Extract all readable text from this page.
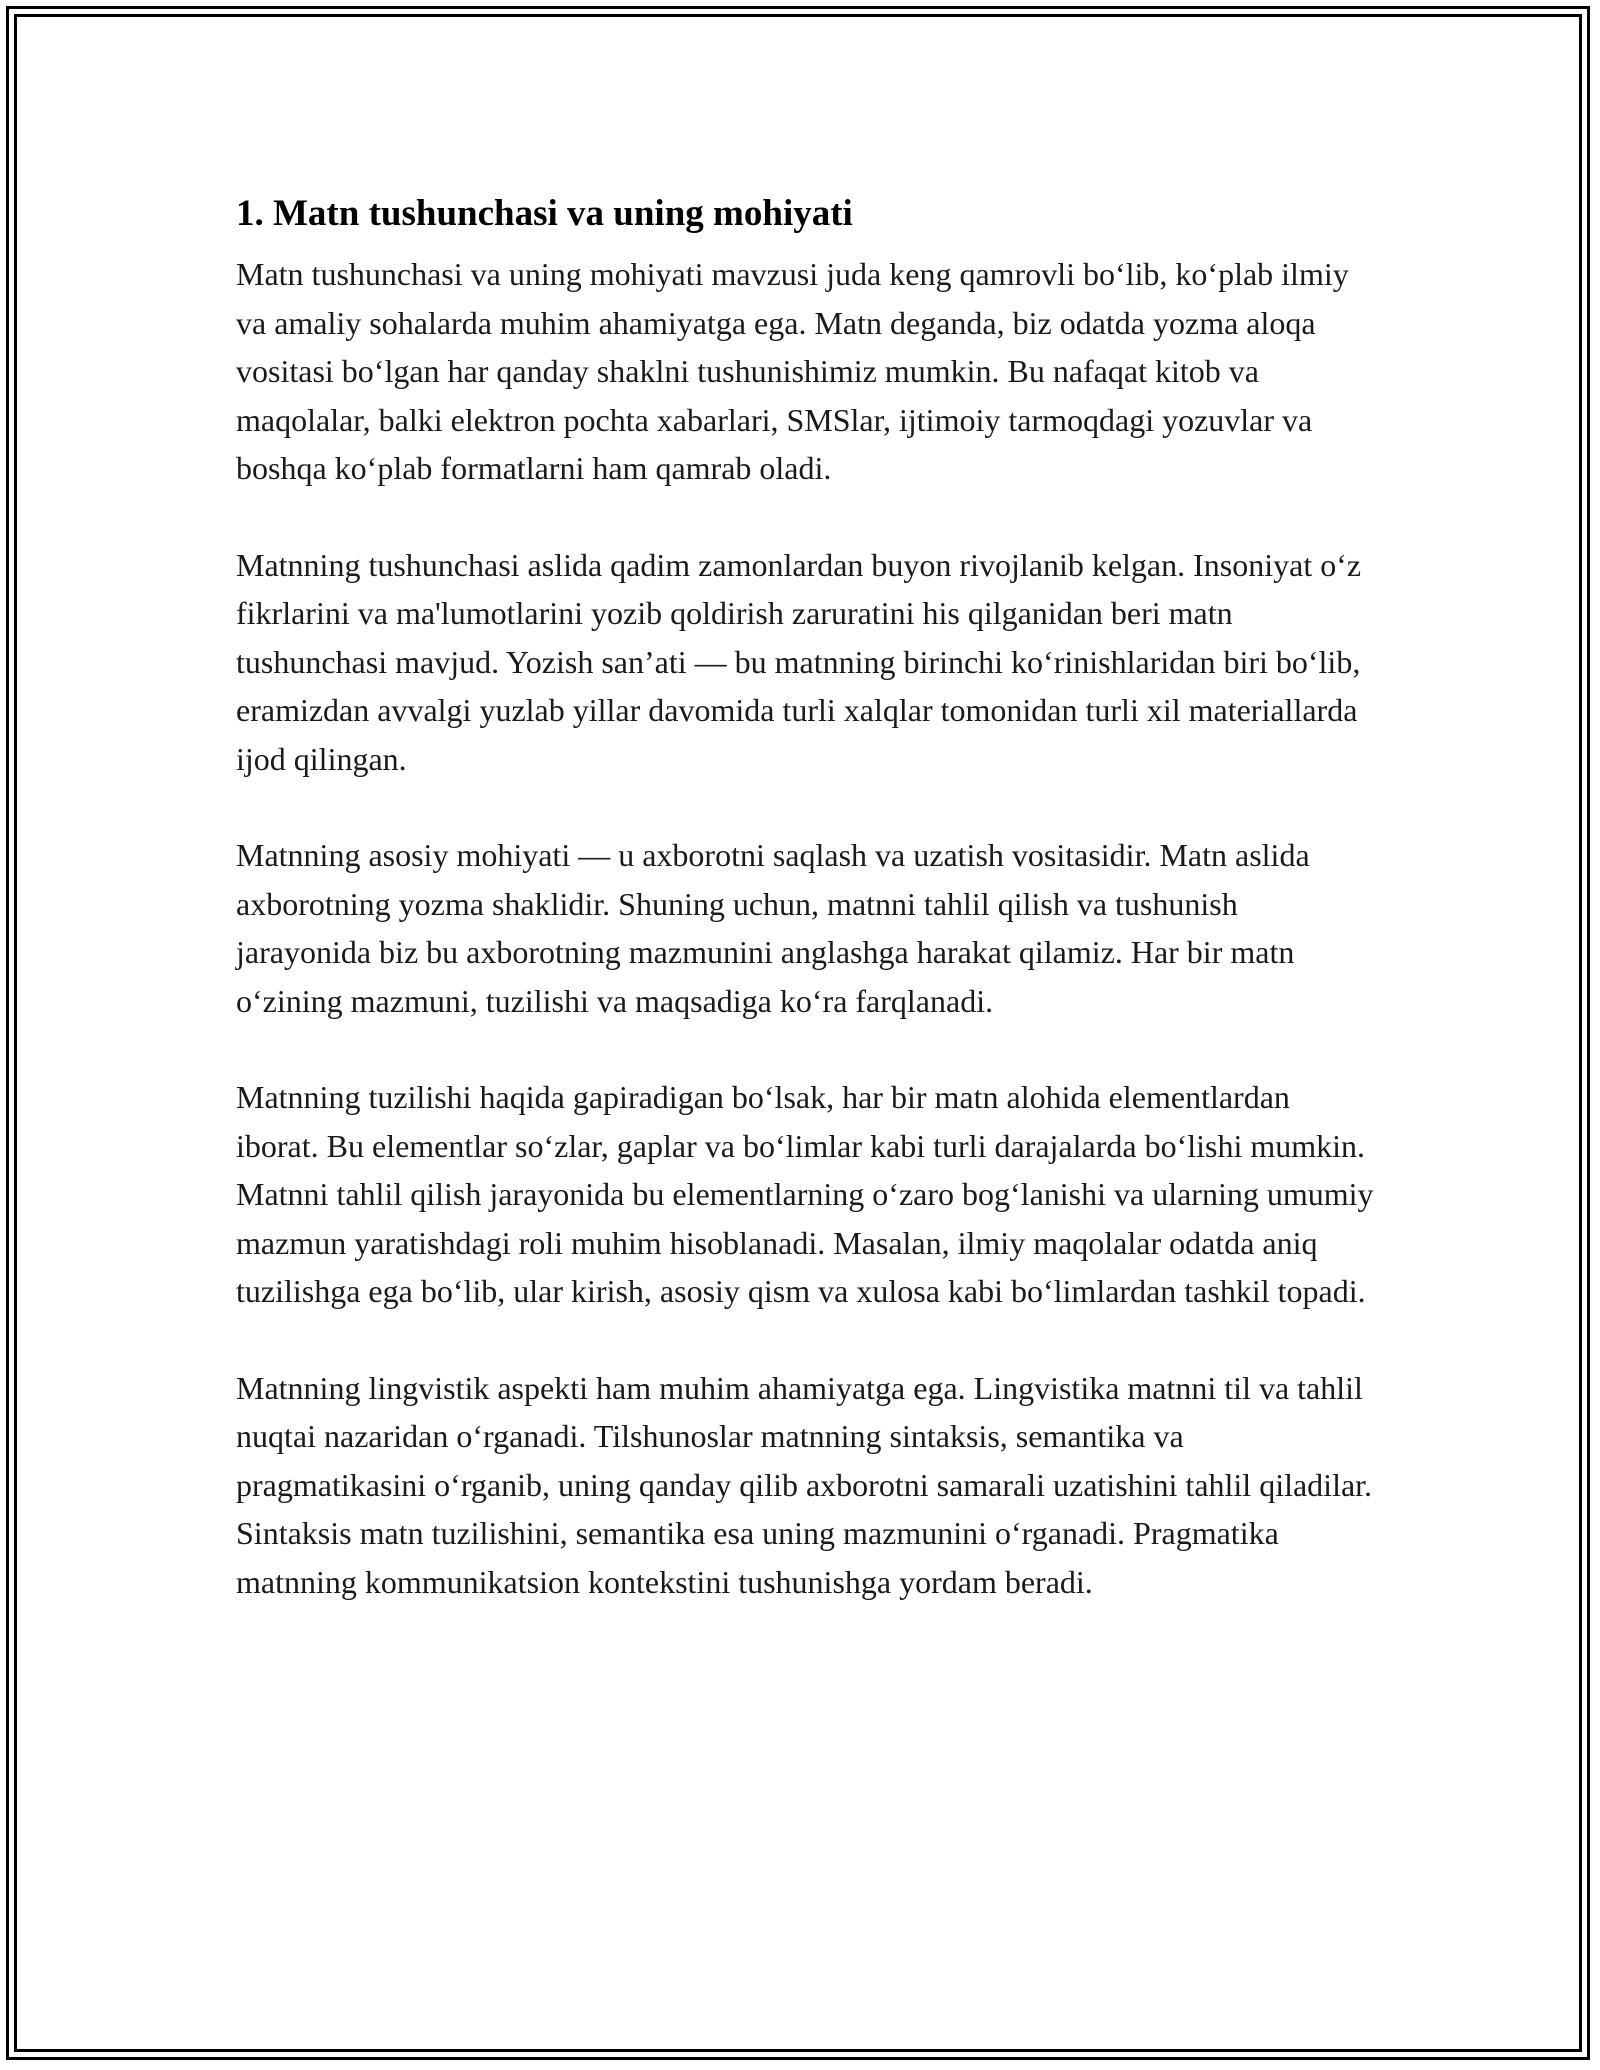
1. Matn tushunchasi va uning mohiyati

Matn tushunchasi va uning mohiyati mavzusi juda keng qamrovli bo‘lib, ko‘plab ilmiy va amaliy sohalarda muhim ahamiyatga ega. Matn deganda, biz odatda yozma aloqa vositasi bo‘lgan har qanday shaklni tushunishimiz mumkin. Bu nafaqat kitob va maqolalar, balki elektron pochta xabarlari, SMSlar, ijtimoiy tarmoqdagi yozuvlar va boshqa ko‘plab formatlarni ham qamrab oladi.

Matnning tushunchasi aslida qadim zamonlardan buyon rivojlanib kelgan. Insoniyat o‘z fikrlarini va ma'lumotlarini yozib qoldirish zaruratini his qilganidan beri matn tushunchasi mavjud. Yozish san’ati — bu matnning birinchi ko‘rinishlaridan biri bo‘lib, eramizdan avvalgi yuzlab yillar davomida turli xalqlar tomonidan turli xil materiallarda ijod qilingan.

Matnning asosiy mohiyati — u axborotni saqlash va uzatish vositasidir. Matn aslida axborotning yozma shaklidir. Shuning uchun, matnni tahlil qilish va tushunish jarayonida biz bu axborotning mazmunini anglashga harakat qilamiz. Har bir matn o‘zining mazmuni, tuzilishi va maqsadiga ko‘ra farqlanadi.

Matnning tuzilishi haqida gapiradigan bo‘lsak, har bir matn alohida elementlardan iborat. Bu elementlar so‘zlar, gaplar va bo‘limlar kabi turli darajalarda bo‘lishi mumkin. Matnni tahlil qilish jarayonida bu elementlarning o‘zaro bog‘lanishi va ularning umumiy mazmun yaratishdagi roli muhim hisoblanadi. Masalan, ilmiy maqolalar odatda aniq tuzilishga ega bo‘lib, ular kirish, asosiy qism va xulosa kabi bo‘limlardan tashkil topadi.

Matnning lingvistik aspekti ham muhim ahamiyatga ega. Lingvistika matnni til va tahlil nuqtai nazaridan o‘rganadi. Tilshunoslar matnning sintaksis, semantika va pragmatikasini o‘rganib, uning qanday qilib axborotni samarali uzatishini tahlil qiladilar. Sintaksis matn tuzilishini, semantika esa uning mazmunini o‘rganadi. Pragmatika matnning kommunikatsion kontekstini tushunishga yordam beradi.
